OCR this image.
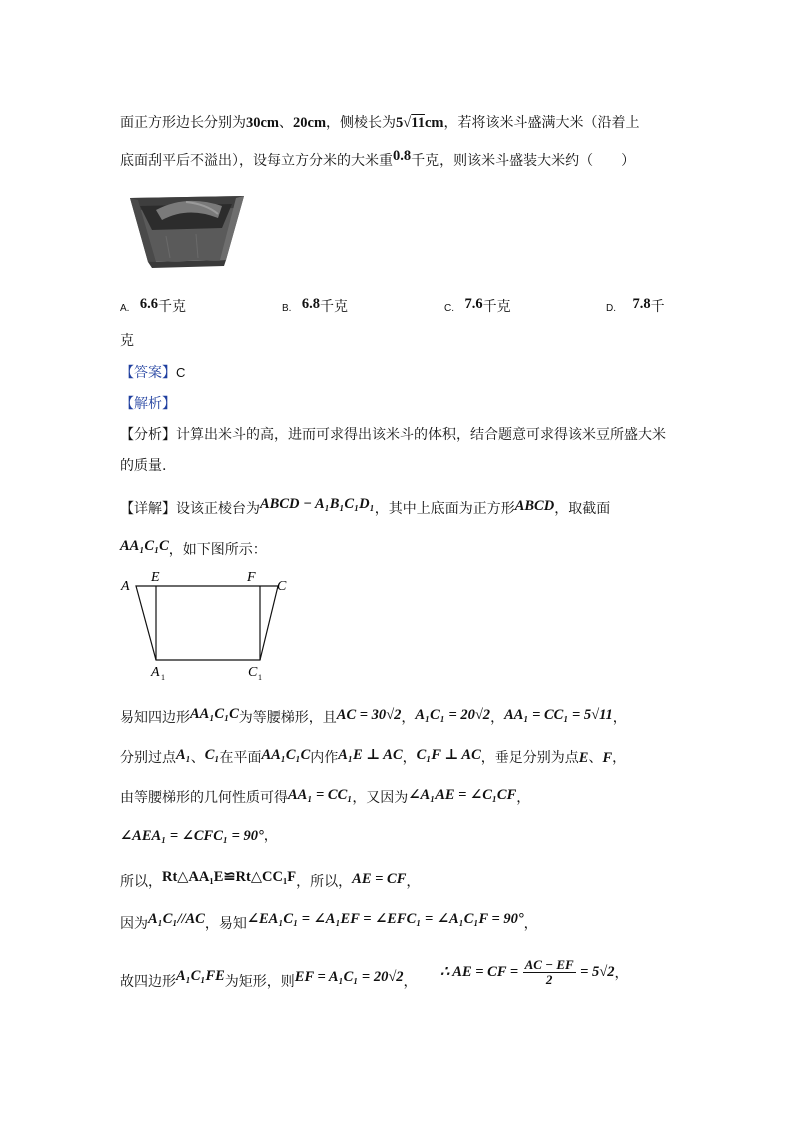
面正方形边长分别为30cm、20cm，侧棱长为5√11cm，若将该米斗盛满大米（沿着上
底面刮平后不溢出），设每立方分米的大米重0.8千克，则该米斗盛装大米约（　　）
A. 6.6千克	B. 6.8千克	C. 7.6千克	D. 7.8千
克
【答案】C
【解析】
【分析】计算出米斗的高，进而可求得出该米斗的体积，结合题意可求得该米豆所盛大米
的质量.
【详解】设该正棱台为ABCD − A₁B₁C₁D₁，其中上底面为正方形ABCD，取截面
AA₁C₁C，如下图所示：
A
E	F
C
A 1	C 1
易知四边形AA₁C₁C为等腰梯形，且AC = 30√2，A₁C₁ = 20√2，AA₁ = CC₁ = 5√11，
分别过点A₁、C₁在平面AA₁C₁C内作A₁E ⊥ AC，C₁F ⊥ AC，垂足分别为点E、F，
由等腰梯形的几何性质可得AA₁ = CC₁，又因为∠A₁AE = ∠C₁CF，
∠AEA₁ = ∠CFC₁ = 90°，
所以，Rt△AA₁E≌Rt△CC₁F，所以，AE = CF，
因为A₁C₁//AC，易知∠EA₁C₁ = ∠A₁EF = ∠EFC₁ = ∠A₁C₁F = 90°，
故四边形A₁C₁FE为矩形，则EF = A₁C₁ = 20√2，
∴ AE = CF = $\frac{AC - EF}{2} = 5√2$，
